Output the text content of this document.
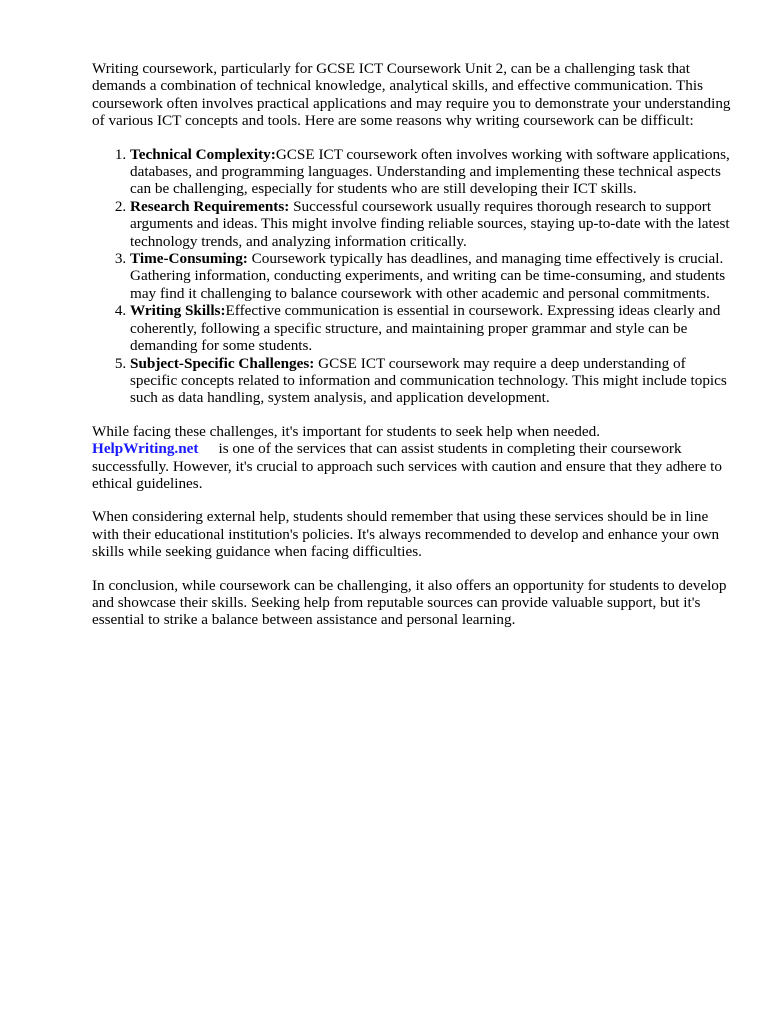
Writing coursework, particularly for GCSE ICT Coursework Unit 2, can be a challenging task that demands a combination of technical knowledge, analytical skills, and effective communication. This coursework often involves practical applications and may require you to demonstrate your understanding of various ICT concepts and tools. Here are some reasons why writing coursework can be difficult:

1. Technical Complexity:GCSE ICT coursework often involves working with software applications, databases, and programming languages. Understanding and implementing these technical aspects can be challenging, especially for students who are still developing their ICT skills.
2. Research Requirements: Successful coursework usually requires thorough research to support arguments and ideas. This might involve finding reliable sources, staying up-to-date with the latest technology trends, and analyzing information critically.
3. Time-Consuming: Coursework typically has deadlines, and managing time effectively is crucial. Gathering information, conducting experiments, and writing can be time-consuming, and students may find it challenging to balance coursework with other academic and personal commitments.
4. Writing Skills:Effective communication is essential in coursework. Expressing ideas clearly and coherently, following a specific structure, and maintaining proper grammar and style can be demanding for some students.
5. Subject-Specific Challenges: GCSE ICT coursework may require a deep understanding of specific concepts related to information and communication technology. This might include topics such as data handling, system analysis, and application development.

While facing these challenges, it's important for students to seek help when needed.
HelpWriting.net is one of the services that can assist students in completing their coursework successfully. However, it's crucial to approach such services with caution and ensure that they adhere to ethical guidelines.

When considering external help, students should remember that using these services should be in line with their educational institution's policies. It's always recommended to develop and enhance your own skills while seeking guidance when facing difficulties.

In conclusion, while coursework can be challenging, it also offers an opportunity for students to develop and showcase their skills. Seeking help from reputable sources can provide valuable support, but it's essential to strike a balance between assistance and personal learning.
